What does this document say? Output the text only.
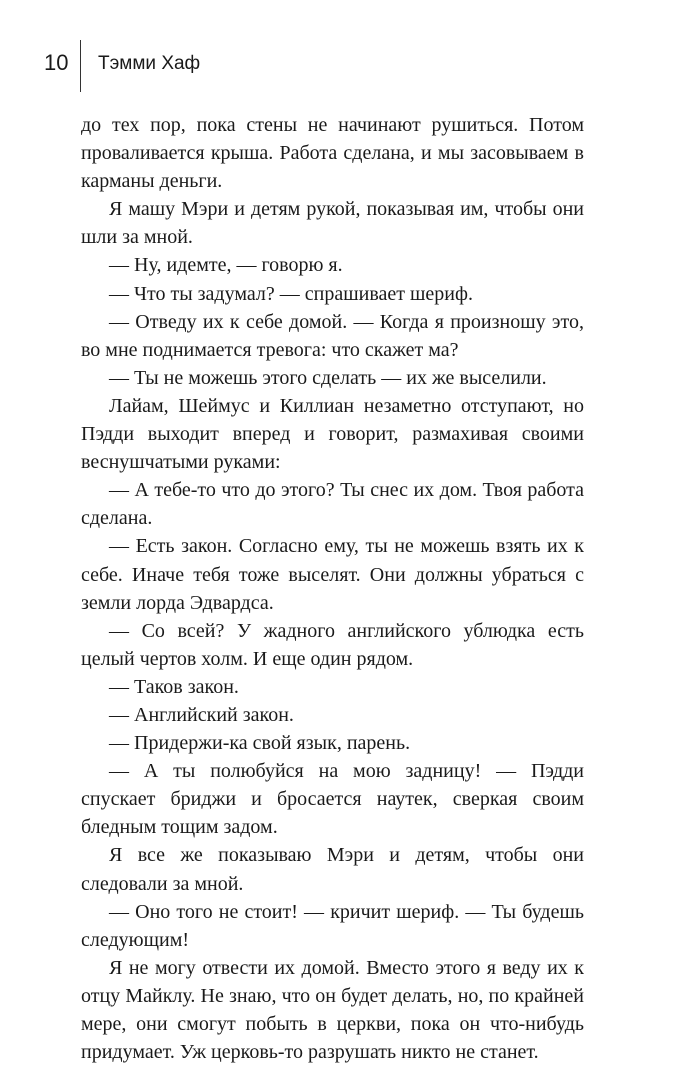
10 Тэмми Хаф

до тех пор, пока стены не начинают рушиться. Потом проваливается крыша. Работа сделана, и мы засовываем в карманы деньги.

Я машу Мэри и детям рукой, показывая им, чтобы они шли за мной.

— Ну, идемте, — говорю я.

— Что ты задумал? — спрашивает шериф.

— Отведу их к себе домой. — Когда я произношу это, во мне поднимается тревога: что скажет ма?

— Ты не можешь этого сделать — их же выселили.

Лайам, Шеймус и Киллиан незаметно отступают, но Пэдди выходит вперед и говорит, размахивая своими веснушчатыми руками:

— А тебе-то что до этого? Ты снес их дом. Твоя работа сделана.

— Есть закон. Согласно ему, ты не можешь взять их к себе. Иначе тебя тоже выселят. Они должны убраться с земли лорда Эдвардса.

— Со всей? У жадного английского ублюдка есть целый чертов холм. И еще один рядом.

— Таков закон.

— Английский закон.

— Придержи-ка свой язык, парень.

— А ты полюбуйся на мою задницу! — Пэдди спускает бриджи и бросается наутек, сверкая своим бледным тощим задом.

Я все же показываю Мэри и детям, чтобы они следовали за мной.

— Оно того не стоит! — кричит шериф. — Ты будешь следующим!

Я не могу отвести их домой. Вместо этого я веду их к отцу Майклу. Не знаю, что он будет делать, но, по крайней мере, они смогут побыть в церкви, пока он что-нибудь придумает. Уж церковь-то разрушать никто не станет.
